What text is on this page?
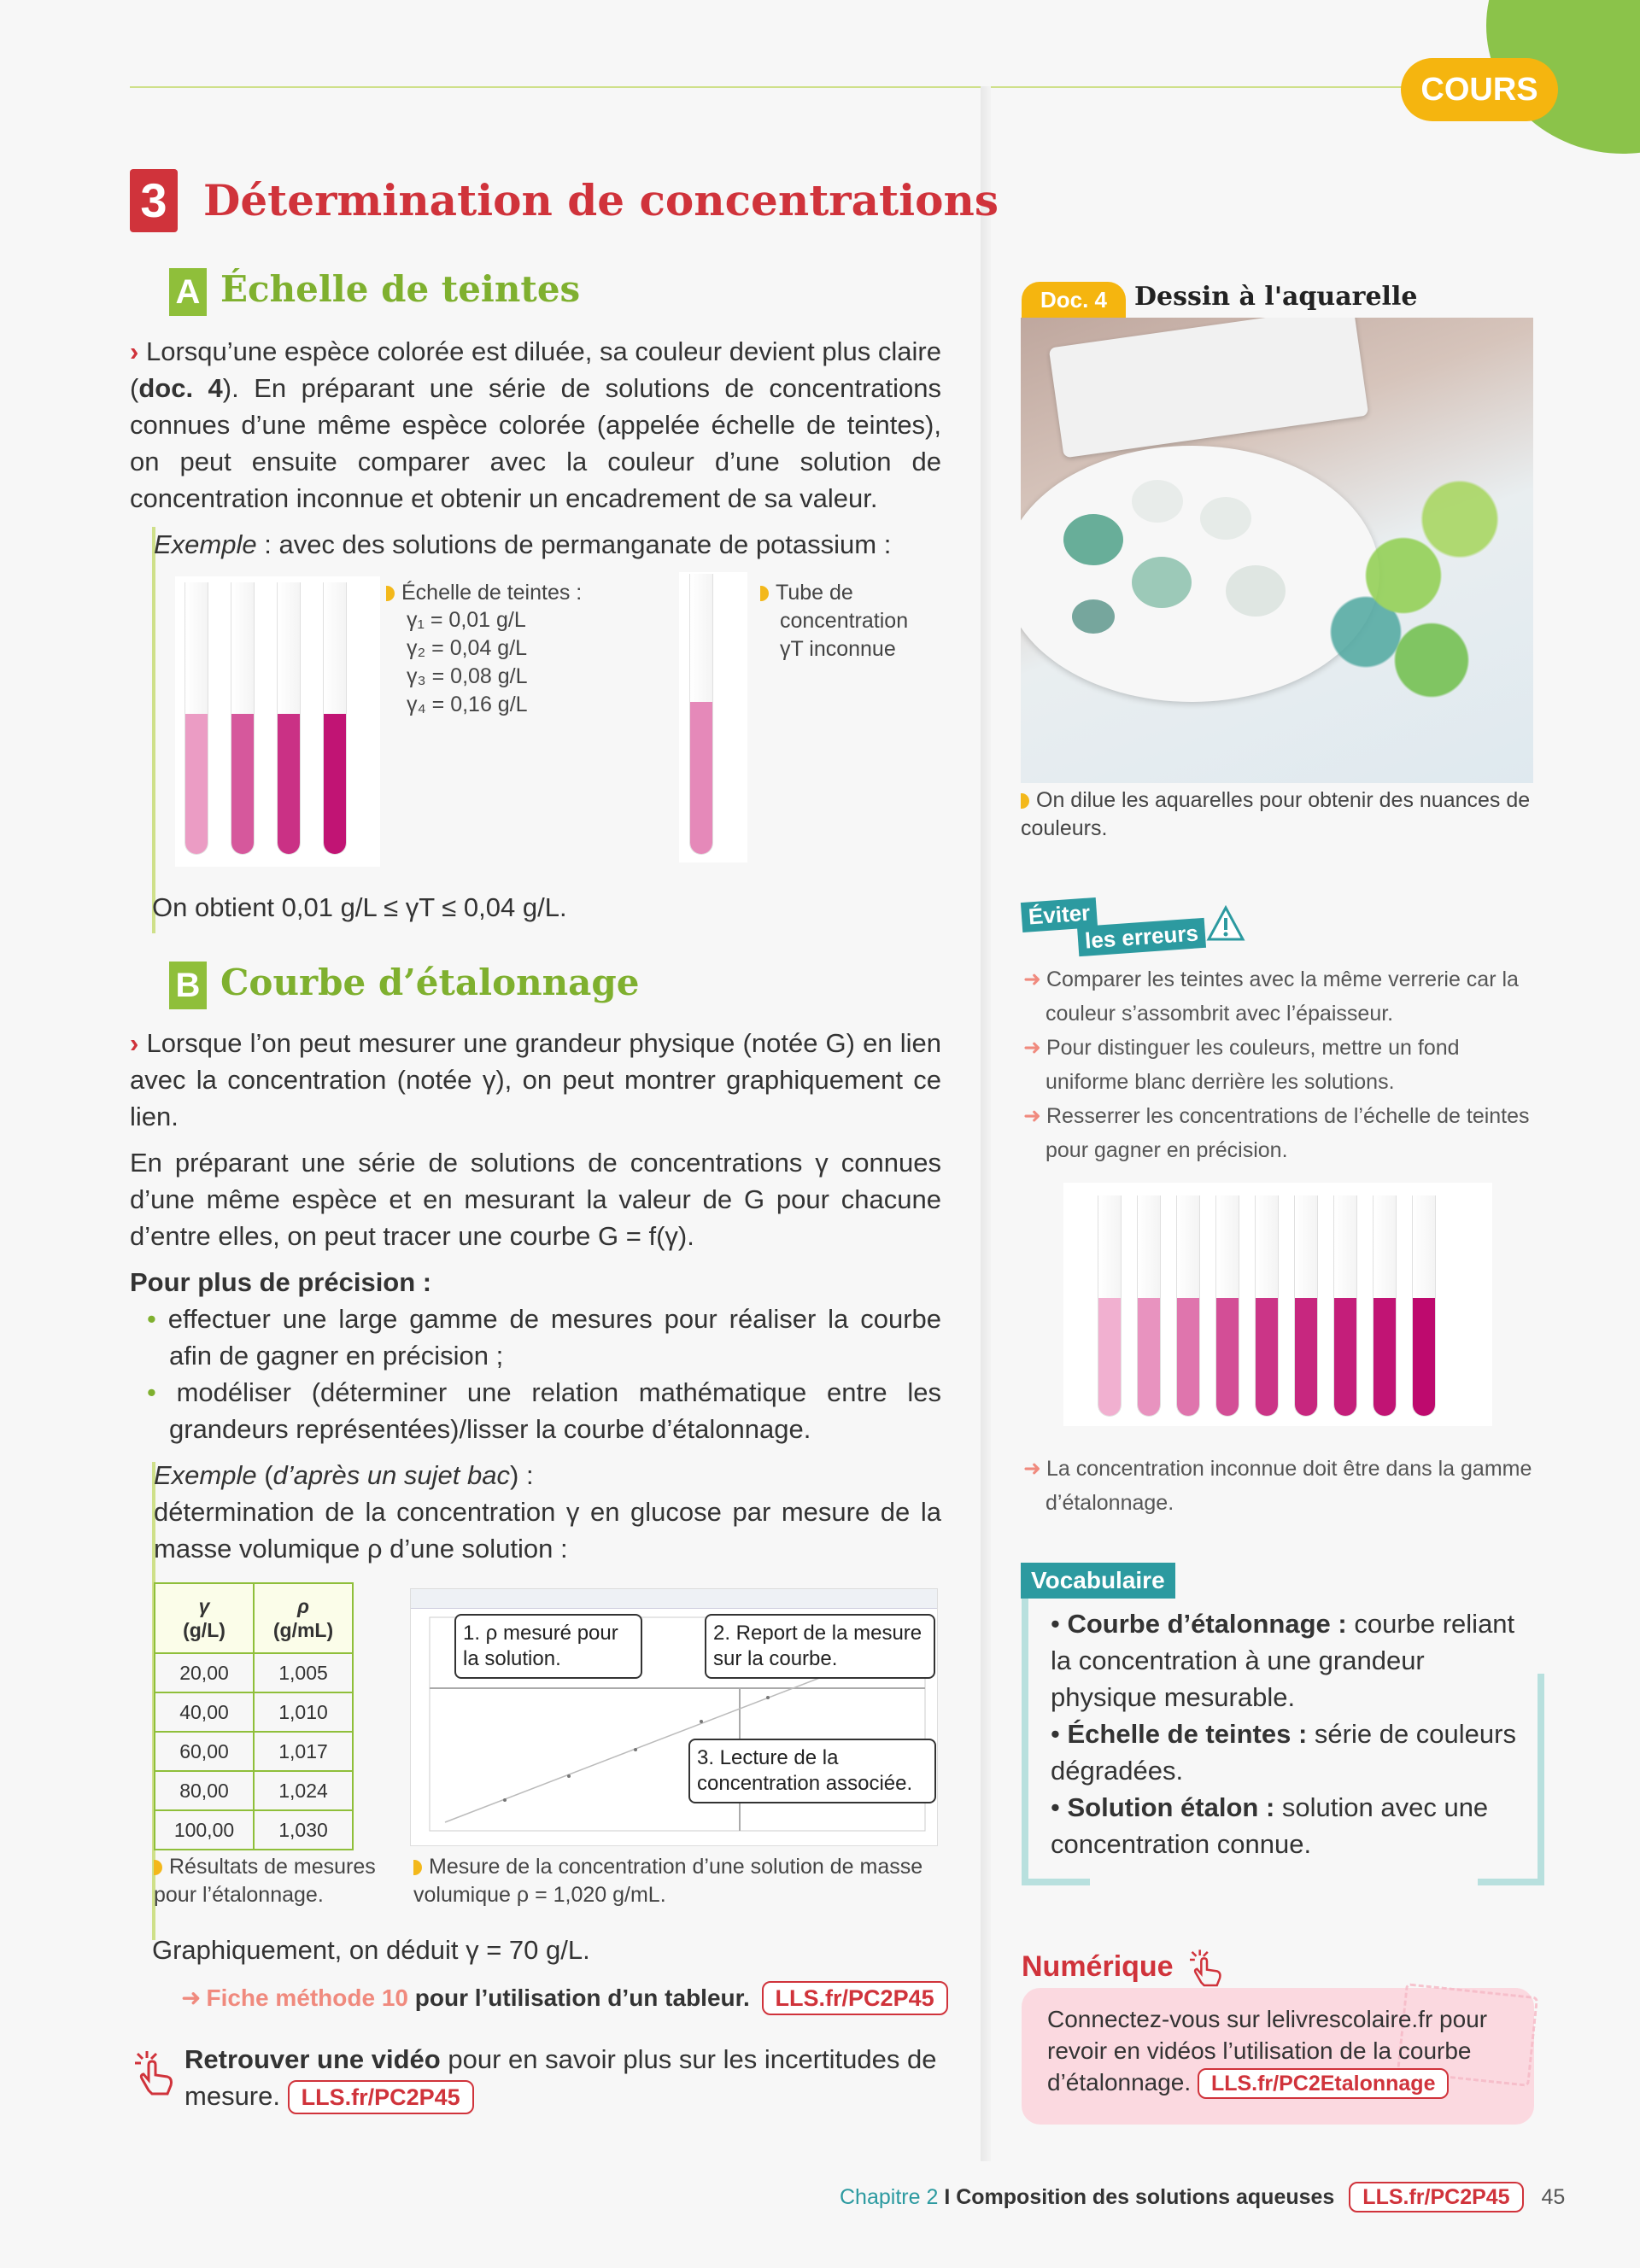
COURS
3 Détermination de concentrations
A Échelle de teintes

› Lorsqu’une espèce colorée est diluée, sa couleur devient plus claire (doc. 4). En préparant une série de solutions de concentrations connues d’une même espèce colorée (appelée échelle de teintes), on peut ensuite comparer avec la couleur d’une solution de concentration inconnue et obtenir un encadrement de sa valeur.

Exemple : avec des solutions de permanganate de potassium :
Échelle de teintes :
γ₁ = 0,01 g/L
γ₂ = 0,04 g/L
γ₃ = 0,08 g/L
γ₄ = 0,16 g/L
Tube de
concentration
γT inconnue
On obtient 0,01 g/L ≤ γT ≤ 0,04 g/L.
B Courbe d’étalonnage

› Lorsque l’on peut mesurer une grandeur physique (notée G) en lien avec la concentration (notée γ), on peut montrer graphiquement ce lien.

En préparant une série de solutions de concentrations γ connues d’une même espèce et en mesurant la valeur de G pour chacune d’entre elles, on peut tracer une courbe G = f(γ).

Pour plus de précision :

• effectuer une large gamme de mesures pour réaliser la courbe afin de gagner en précision ;

• modéliser (déterminer une relation mathématique entre les grandeurs représentées)/lisser la courbe d’étalonnage.

Exemple (d’après un sujet bac) :

détermination de la concentration γ en glucose par mesure de la masse volumique ρ d’une solution :

γ
(g/L)	ρ
(g/mL)
20,00	1,005
40,00	1,010
60,00	1,017
80,00	1,024
100,00	1,030
1. ρ mesuré pour la solution.
2. Report de la mesure sur la courbe.
3. Lecture de la concentration associée.
Résultats de mesures pour l’étalonnage.
Mesure de la concentration d’une solution de masse volumique ρ = 1,020 g/mL.
Graphiquement, on déduit γ = 70 g/L.
➜ Fiche méthode 10 pour l’utilisation d’un tableur. LLS.fr/PC2P45

Retrouver une vidéo pour en savoir plus sur les incertitudes de mesure. LLS.fr/PC2P45

Doc. 4	Dessin à l'aquarelle
On dilue les aquarelles pour obtenir des nuances de couleurs.
Éviter
les erreurs
➜ Comparer les teintes avec la même verrerie car la couleur s’assombrit avec l’épaisseur.
➜ Pour distinguer les couleurs, mettre un fond uniforme blanc derrière les solutions.
➜ Resserrer les concentrations de l’échelle de teintes pour gagner en précision.
➜ La concentration inconnue doit être dans la gamme d’étalonnage.
Vocabulaire

• Courbe d’étalonnage : courbe reliant la concentration à une grandeur physique mesurable.

• Échelle de teintes : série de couleurs dégradées.

• Solution étalon : solution avec une concentration connue.

Numérique
Connectez-vous sur lelivrescolaire.fr pour revoir en vidéos l’utilisation de la courbe d’étalonnage. LLS.fr/PC2Etalonnage
Chapitre 2 I Composition des solutions aqueuses LLS.fr/PC2P45 45
